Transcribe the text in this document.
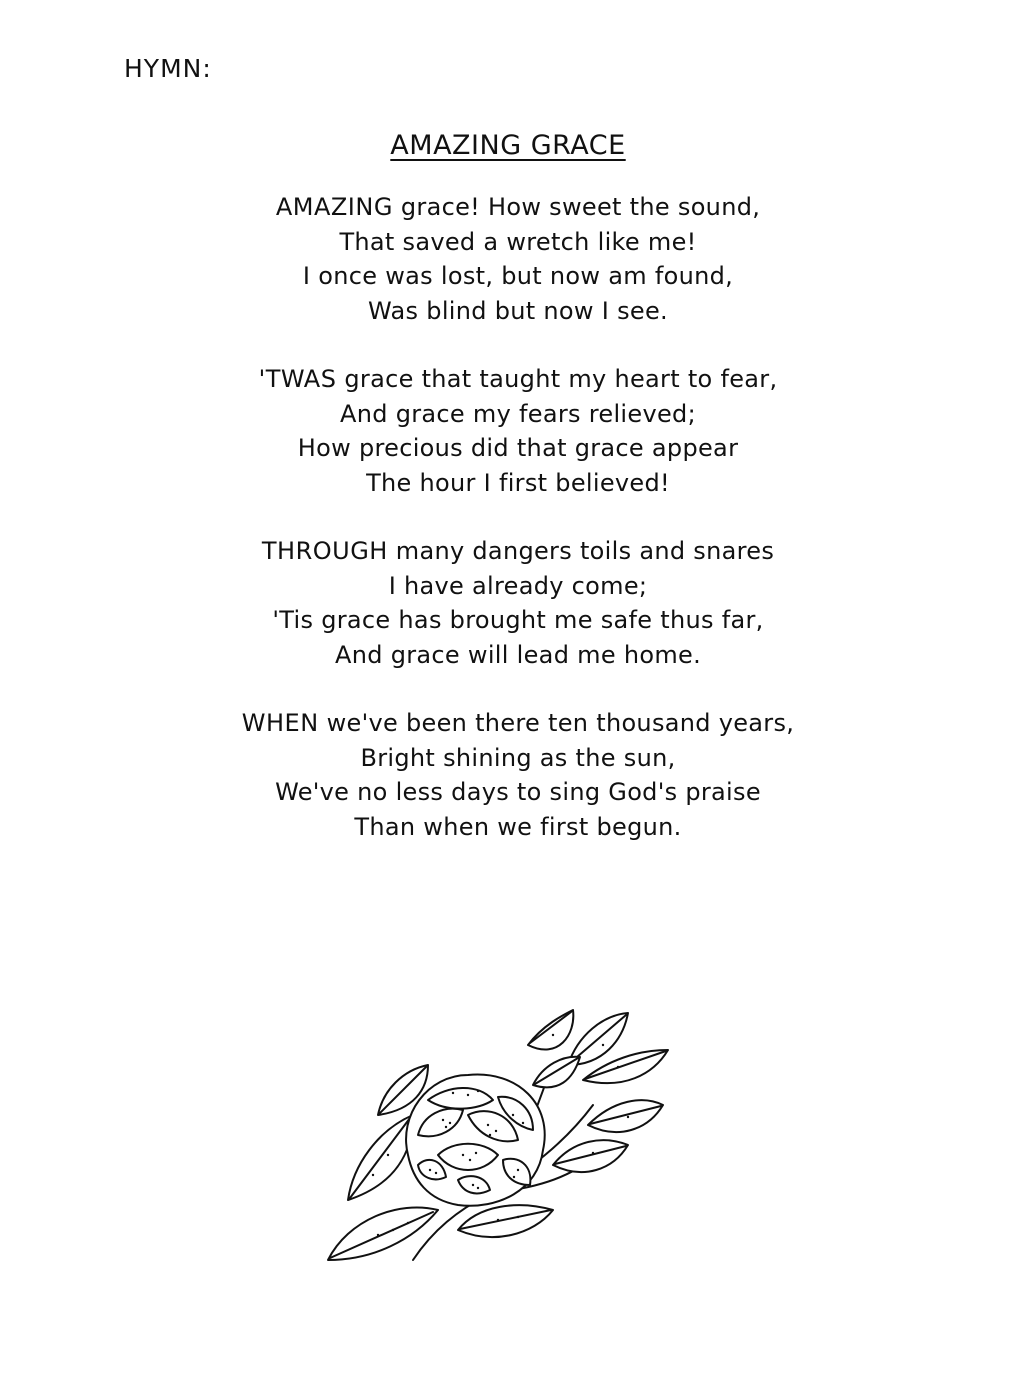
HYMN:
AMAZING GRACE
AMAZING grace! How sweet the sound,
That saved a wretch like me!
I once was lost, but now am found,
Was blind but now I see.
'TWAS grace that taught my heart to fear,
And grace my fears relieved;
How precious did that grace appear
The hour I first believed!
THROUGH many dangers toils and snares
I have already come;
'Tis grace has brought me safe thus far,
And grace will lead me home.
WHEN we've been there ten thousand years,
Bright shining as the sun,
We've no less days to sing God's praise
Than when we first begun.
